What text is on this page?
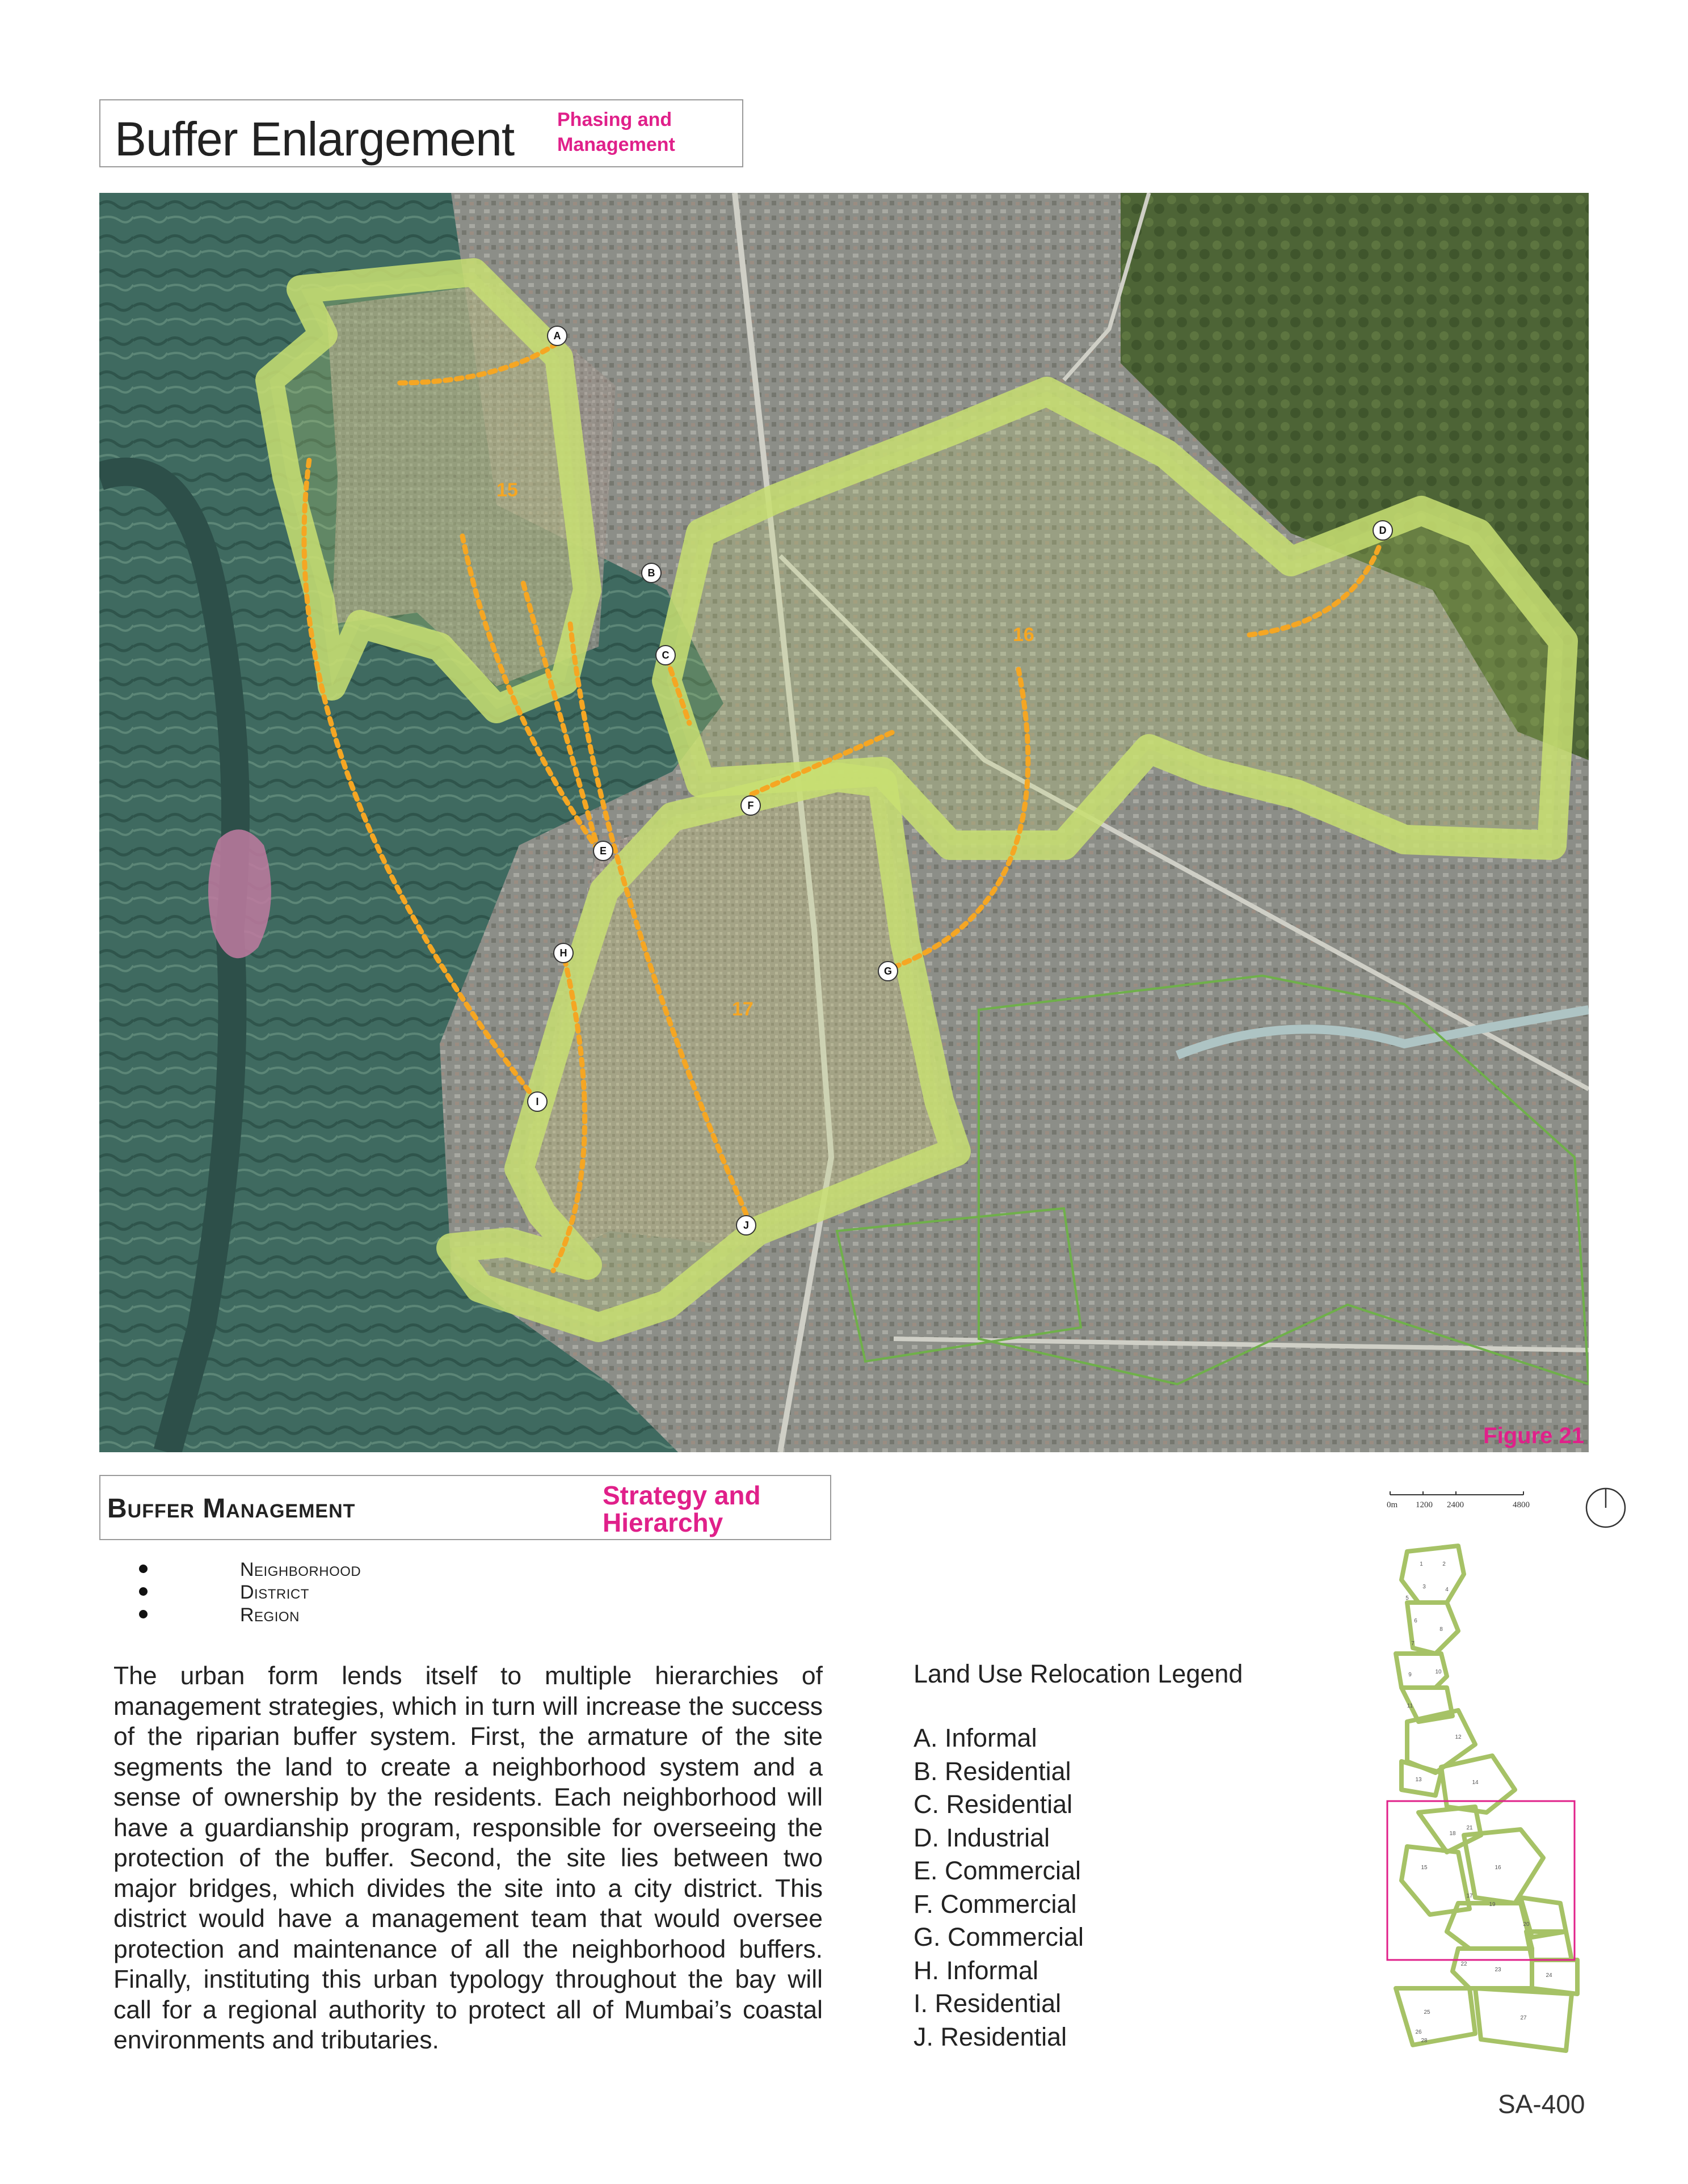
Buffer Enlargement Phasing and
Management
15
16
17
A
B
C
D
E
F
G
H
I
J
Figure 21
Buffer Management	Strategy and
Hierarchy
Neighborhood
District
Region
The urban form lends itself to multiple hierarchies of management strategies, which in turn will increase the success of the riparian buffer system. First, the armature of the site segments the land to create a neighborhood system and a sense of ownership by the residents. Each neighborhood will have a guardianship program, responsible for overseeing the protection of the buffer. Second, the site lies between two major bridges, which divides the site into a city district. This district would have a management team that would oversee protection and maintenance of all the neighborhood buffers. Finally, instituting this urban typology throughout the bay will call for a regional authority to protect all of Mumbai’s coastal environments and tributaries.
Land Use Relocation Legend
A. Informal
B. Residential
C. Residential
D. Industrial
E. Commercial
F. Commercial
G. Commercial
H. Informal
I. Residential
J. Residential
0m 1200 2400	4800
1	2
3	4
5
6
7
8
9	10
11
12
13	14
15	16
17
18
19
20
21
22
23
24
25
26
27
28
SA-400
